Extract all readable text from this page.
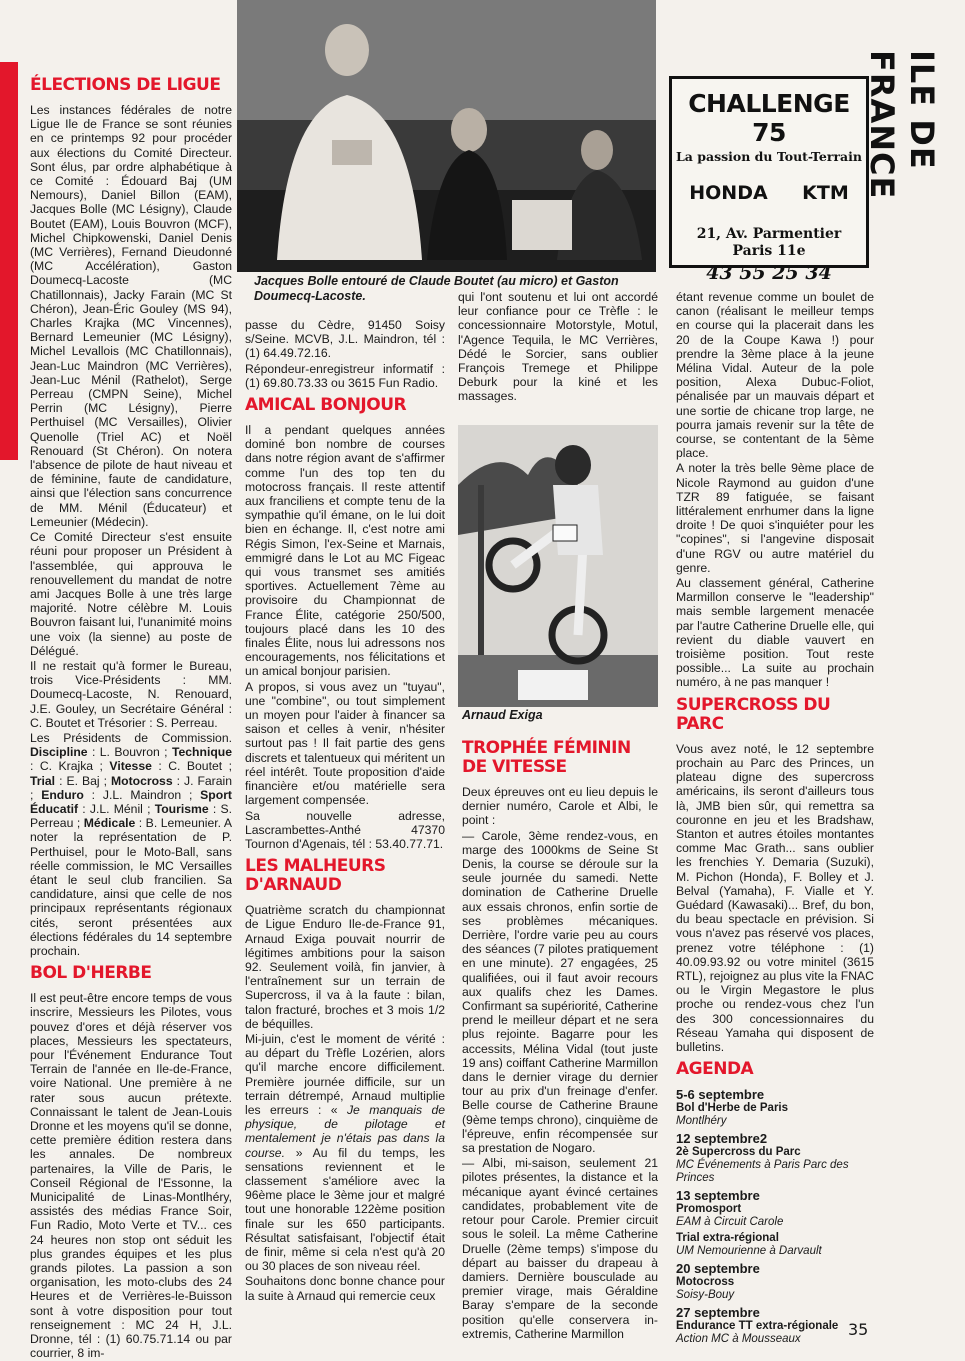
Jacques Bolle entouré de Claude Boutet (au micro) et Gaston Doumecq-Lacoste.
CHALLENGE 75
La passion du Tout-Terrain
HONDA KTM
21, Av. Parmentier
Paris 11e
43 55 25 34
ILE DE FRANCE
ÉLECTIONS DE LIGUE

Les instances fédérales de notre Ligue Ile de France se sont réunies en ce printemps 92 pour procéder aux élections du Comité Directeur. Sont élus, par ordre alphabétique à ce Comité : Édouard Baj (UM Nemours), Daniel Billon (EAM), Jacques Bolle (MC Lésigny), Claude Boutet (EAM), Louis Bouvron (MCF), Michel Chipkowenski, Daniel Denis (MC Verrières), Fernand Dieudonné (MC Accélération), Gaston Doumecq-Lacoste (MC Chatillonnais), Jacky Farain (MC St Chéron), Jean-Éric Gouley (MS 94), Charles Krajka (MC Vincennes), Bernard Lemeunier (MC Lésigny), Michel Levallois (MC Chatillonnais), Jean-Luc Maindron (MC Verrières), Jean-Luc Ménil (Rathelot), Serge Perreau (CMPN Seine), Michel Perrin (MC Lésigny), Pierre Perthuisel (MC Versailles), Olivier Quenolle (Triel AC) et Noël Renouard (St Chéron). On notera l'absence de pilote de haut niveau et de féminine, faute de candidature, ainsi que l'élection sans concurrence de MM. Ménil (Éducateur) et Lemeunier (Médecin).

Ce Comité Directeur s'est ensuite réuni pour proposer un Président à l'assemblée, qui approuva le renouvellement du mandat de notre ami Jacques Bolle à une très large majorité. Notre célèbre M. Louis Bouvron faisant lui, l'unanimité moins une voix (la sienne) au poste de Délégué.

Il ne restait qu'à former le Bureau, trois Vice-Présidents : MM. Doumecq-Lacoste, N. Renouard, J.E. Gouley, un Secrétaire Général : C. Boutet et Trésorier : S. Perreau.

Les Présidents de Commission. Discipline : L. Bouvron ; Technique : C. Krajka ; Vitesse : C. Boutet ; Trial : E. Baj ; Motocross : J. Farain ; Enduro : J.L. Maindron ; Sport Éducatif : J.L. Ménil ; Tourisme : S. Perreau ; Médicale : B. Lemeunier. A noter la représentation de P. Perthuisel, pour le Moto-Ball, sans réelle commission, le MC Versailles étant le seul club francilien. Sa candidature, ainsi que celle de nos principaux représentants régionaux cités, seront présentées aux élections fédérales du 14 septembre prochain.

BOL D'HERBE

Il est peut-être encore temps de vous inscrire, Messieurs les Pilotes, vous pouvez d'ores et déjà réserver vos places, Messieurs les spectateurs, pour l'Événement Endurance Tout Terrain de l'année en Ile-de-France, voire National. Une première à ne rater sous aucun prétexte. Connaissant le talent de Jean-Louis Dronne et les moyens qu'il se donne, cette première édition restera dans les annales. De nombreux partenaires, la Ville de Paris, le Conseil Régional de l'Essonne, la Municipalité de Linas-Montlhéry, assistés des médias France Soir, Fun Radio, Moto Verte et TV... ces 24 heures non stop ont séduit les plus grandes équipes et les plus grands pilotes. La passion a son organisation, les moto-clubs des 24 Heures et de Verrières-le-Buisson sont à votre disposition pour tout renseignement : MC 24 H, J.L. Dronne, tél : (1) 60.75.71.14 ou par courrier, 8 im-

passe du Cèdre, 91450 Soisy s/Seine. MCVB, J.L. Maindron, tél : (1) 64.49.72.16.

Répondeur-enregistreur informatif : (1) 69.80.73.33 ou 3615 Fun Radio.

AMICAL BONJOUR

Il a pendant quelques années dominé bon nombre de courses dans notre région avant de s'affirmer comme l'un des top ten du motocross français. Il reste attentif aux franciliens et compte tenu de la sympathie qu'il émane, on le lui doit bien en échange. Il, c'est notre ami Régis Simon, l'ex-Seine et Marnais, emmigré dans le Lot au MC Figeac qui vous transmet ses amitiés sportives. Actuellement 7ème au provisoire du Championnat de France Élite, catégorie 250/500, toujours placé dans les 10 des finales Élite, nous lui adressons nos encouragements, nos félicitations et un amical bonjour parisien.

A propos, si vous avez un "tuyau", une "combine", ou tout simplement un moyen pour l'aider à financer sa saison et celles à venir, n'hésiter surtout pas ! Il fait partie des gens discrets et talentueux qui méritent un réel intérêt. Toute proposition d'aide financière et/ou matérielle sera largement compensée.

Sa nouvelle adresse, Lascrambettes-Anthé 47370 Tournon d'Agenais, tél : 53.40.77.71.

LES MALHEURS
D'ARNAUD

Quatrième scratch du championnat de Ligue Enduro Ile-de-France 91, Arnaud Exiga pouvait nourrir de légitimes ambitions pour la saison 92. Seulement voilà, fin janvier, à l'entraînement sur un terrain de Supercross, il va à la faute : bilan, talon fracturé, broches et 3 mois 1/2 de béquilles.

Mi-juin, c'est le moment de vérité : au départ du Trèfle Lozérien, alors qu'il marche encore difficilement. Première journée difficile, sur un terrain détrempé, Arnaud multiplie les erreurs : « Je manquais de physique, de pilotage et mentalement je n'étais pas dans la course. » Au fil du temps, les sensations reviennent et le classement s'améliore avec la 96ème place le 3ème jour et malgré tout une honorable 122ème position finale sur les 650 participants. Résultat satisfaisant, l'objectif était de finir, même si cela n'est qu'à 20 ou 30 places de son niveau réel.

Souhaitons donc bonne chance pour la suite à Arnaud qui remercie ceux

Arnaud Exiga

qui l'ont soutenu et lui ont accordé leur confiance pour ce Trèfle : le concessionnaire Motorstyle, Motul, l'Agence Tequila, le MC Verrières, Dédé le Sorcier, sans oublier François Tremege et Philippe Deburk pour la kiné et les massages.

TROPHÉE FÉMININ
DE VITESSE

Deux épreuves ont eu lieu depuis le dernier numéro, Carole et Albi, le point :

— Carole, 3ème rendez-vous, en marge des 1000kms de Seine St Denis, la course se déroule sur la seule journée du samedi. Nette domination de Catherine Druelle aux essais chronos, enfin sortie de ses problèmes mécaniques. Derrière, l'ordre varie peu au cours des séances (7 pilotes pratiquement en une minute). 27 engagées, 25 qualifiées, oui il faut avoir recours aux qualifs chez les Dames. Confirmant sa supériorité, Catherine prend le meilleur départ et ne sera plus rejointe. Bagarre pour les accessits, Mélina Vidal (tout juste 19 ans) coiffant Catherine Marmillon dans le dernier virage du dernier tour au prix d'un freinage d'enfer. Belle course de Catherine Braune (9ème temps chrono), cinquième de l'épreuve, enfin récompensée sur sa prestation de Nogaro.

— Albi, mi-saison, seulement 21 pilotes présentes, la distance et la mécanique ayant évincé certaines candidates, probablement vite de retour pour Carole. Premier circuit sous le soleil. La même Catherine Druelle (2ème temps) s'impose du départ au baisser du drapeau à damiers. Dernière bousculade au premier virage, mais Géraldine Baray s'empare de la seconde position qu'elle conservera in-extremis, Catherine Marmillon

étant revenue comme un boulet de canon (réalisant le meilleur temps en course qui la placerait dans les 20 de la Coupe Kawa !) pour prendre la 3ème place à la jeune Mélina Vidal. Auteur de la pole position, Alexa Dubuc-Foliot, pénalisée par un mauvais départ et une sortie de chicane trop large, ne pourra jamais revenir sur la tête de course, se contentant de la 5ème place.

A noter la très belle 9ème place de Nicole Raymond au guidon d'une TZR 89 fatiguée, se faisant littéralement enrhumer dans la ligne droite ! De quoi s'inquiéter pour les "copines", si l'angevine disposait d'une RGV ou autre matériel du genre.

Au classement général, Catherine Marmillon conserve le "leadership" mais semble largement menacée par l'autre Catherine Druelle elle, qui revient du diable vauvert en troisième position. Tout reste possible... La suite au prochain numéro, à ne pas manquer !

SUPERCROSS DU PARC

Vous avez noté, le 12 septembre prochain au Parc des Princes, un plateau digne des supercross américains, ils seront d'ailleurs tous là, JMB bien sûr, qui remettra sa couronne en jeu et les Bradshaw, Stanton et autres étoiles montantes comme Mac Grath... sans oublier les frenchies Y. Demaria (Suzuki), M. Pichon (Honda), F. Bolley et J. Belval (Yamaha), F. Vialle et Y. Guédard (Kawasaki)... Bref, du bon, du beau spectacle en prévision. Si vous n'avez pas réservé vos places, prenez votre téléphone : (1) 40.09.93.92 ou votre minitel (3615 RTL), rejoignez au plus vite la FNAC ou le Virgin Megastore le plus proche ou rendez-vous chez l'un des 300 concessionnaires du Réseau Yamaha qui disposent de bulletins.

AGENDA
5-6 septembre
Bol d'Herbe de Paris
Montlhéry
12 septembre2
2è Supercross du Parc
MC Événements à Paris Parc des Princes
13 septembre
Promosport
EAM à Circuit Carole
Trial extra-régional
UM Nemourienne à Darvault
20 septembre
Motocross
Soisy-Bouy
27 septembre
Endurance TT extra-régionale
Action MC à Mousseaux
35
